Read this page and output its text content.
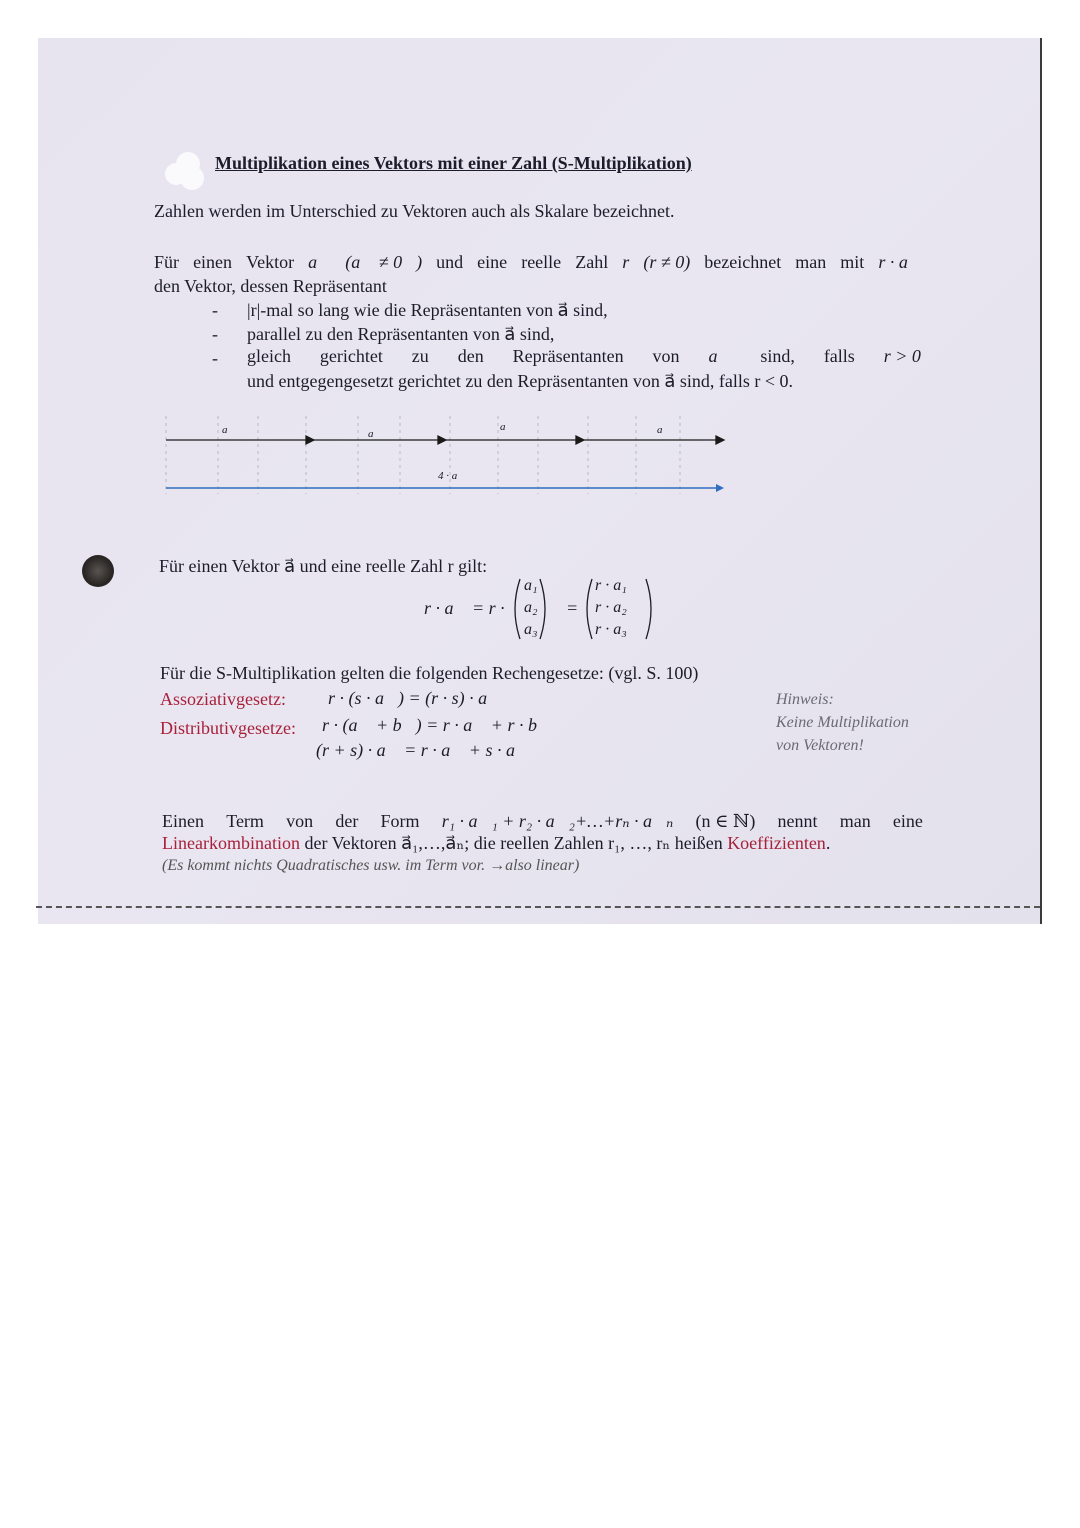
Multiplikation eines Vektors mit einer Zahl (S-Multiplikation)
Zahlen werden im Unterschied zu Vektoren auch als Skalare bezeichnet.
Für einen Vektor a⃗ (a⃗ ≠ 0⃗) und eine reelle Zahl r (r ≠ 0) bezeichnet man mit r · a⃗
den Vektor, dessen Repräsentant
- |r|-mal so lang wie die Repräsentanten von a⃗ sind,
- parallel zu den Repräsentanten von a⃗ sind,
- gleich gerichtet zu den Repräsentanten von a⃗ sind, falls r > 0
und entgegengesetzt gerichtet zu den Repräsentanten von a⃗ sind, falls r < 0.
a⃗	a⃗
a⃗	a⃗
4 · a⃗
Für einen Vektor a⃗ und eine reelle Zahl r gilt:
r · a⃗ = r ·
a₁
a₂
a₃
=
r · a₁
r · a₂
r · a₃
Für die S-Multiplikation gelten die folgenden Rechengesetze: (vgl. S. 100)
Assoziativgesetz: r · (s · a⃗) = (r · s) · a⃗
Distributivgesetze: r · (a⃗ + b⃗) = r · a⃗ + r · b⃗
(r + s) · a⃗ = r · a⃗ + s · a⃗
Hinweis:
Keine Multiplikation
von Vektoren!
Einen Term von der Form r₁ · a⃗₁ + r₂ · a⃗₂+…+rₙ · a⃗ₙ (n ∈ ℕ) nennt man eine
Linearkombination der Vektoren a⃗₁,…,a⃗ₙ; die reellen Zahlen r₁, …, rₙ heißen Koeffizienten.
(Es kommt nichts Quadratisches usw. im Term vor. →also linear)
